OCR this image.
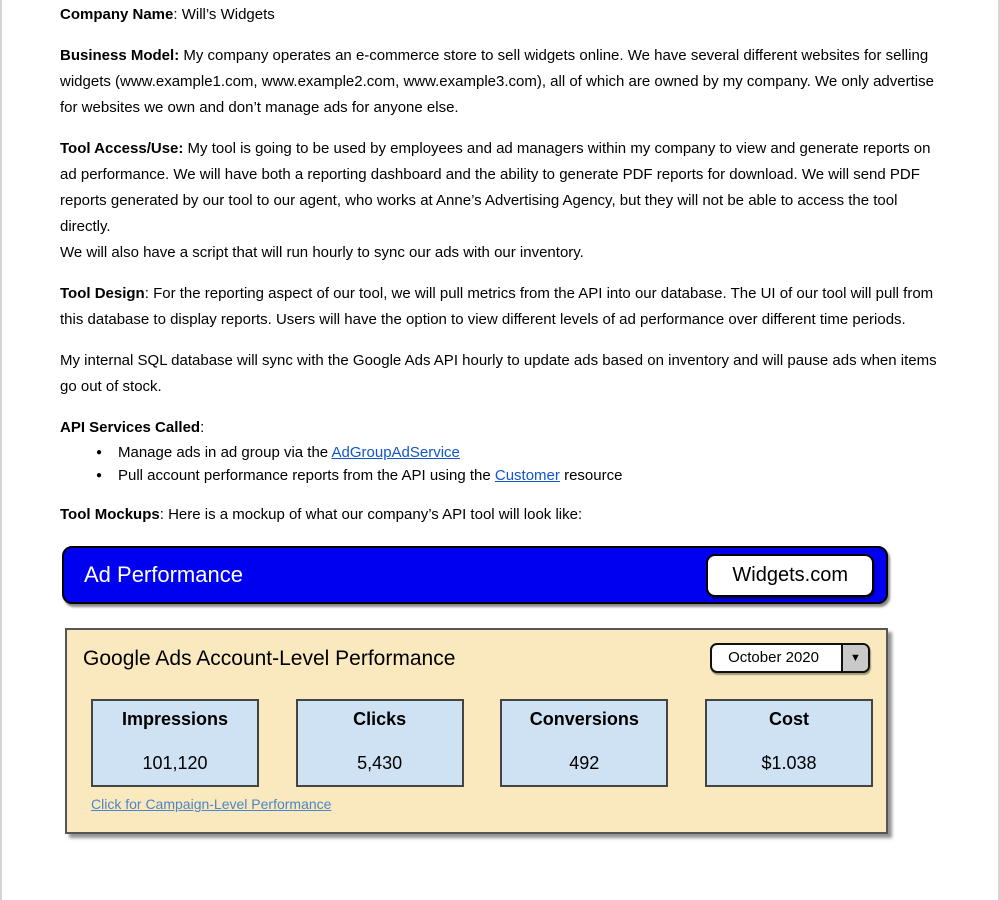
Company Name: Will’s Widgets

Business Model: My company operates an e-commerce store to sell widgets online. We have several different websites for selling widgets (www.example1.com, www.example2.com, www.example3.com), all of which are owned by my company. We only advertise for websites we own and don’t manage ads for anyone else.

Tool Access/Use: My tool is going to be used by employees and ad managers within my company to view and generate reports on ad performance. We will have both a reporting dashboard and the ability to generate PDF reports for download. We will send PDF reports generated by our tool to our agent, who works at Anne’s Advertising Agency, but they will not be able to access the tool directly.
We will also have a script that will run hourly to sync our ads with our inventory.

Tool Design: For the reporting aspect of our tool, we will pull metrics from the API into our database. The UI of our tool will pull from this database to display reports. Users will have the option to view different levels of ad performance over different time periods.

My internal SQL database will sync with the Google Ads API hourly to update ads based on inventory and will pause ads when items go out of stock.

API Services Called:

●	Manage ads in ad group via the AdGroupAdService
●	Pull account performance reports from the API using the Customer resource

Tool Mockups: Here is a mockup of what our company’s API tool will look like:

Ad Performance	Widgets.com
Google Ads Account-Level Performance	October 2020	▼
Impressions
101,120
Clicks
5,430
Conversions
492
Cost
$1.038
Click for Campaign-Level Performance
